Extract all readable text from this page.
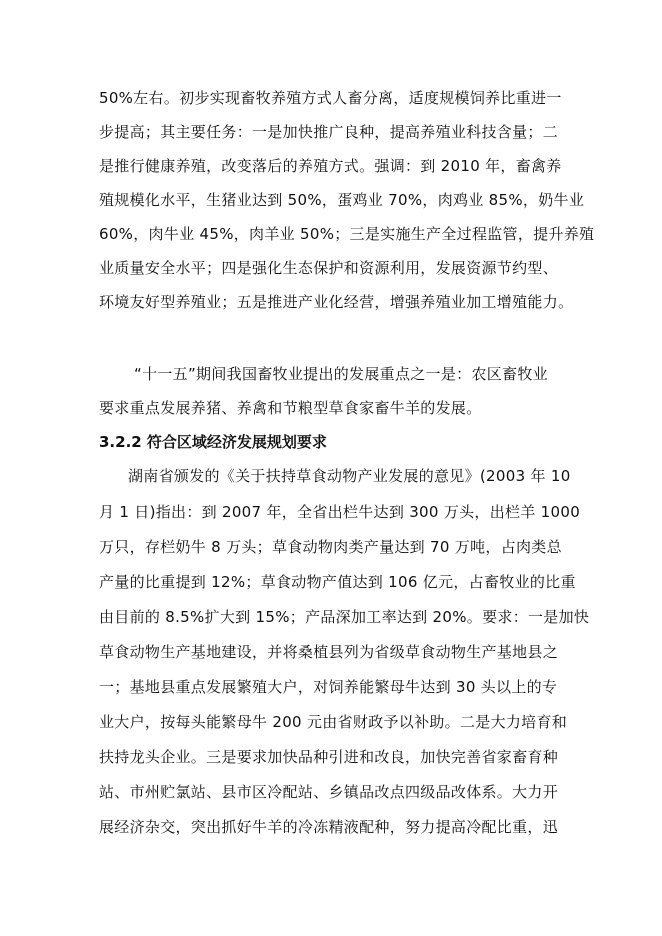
50%左右。初步实现畜牧养殖方式人畜分离，适度规模饲养比重进一
步提高；其主要任务：一是加快推广良种，提高养殖业科技含量；二
是推行健康养殖，改变落后的养殖方式。强调：到 2010 年，畜禽养
殖规模化水平，生猪业达到 50%，蛋鸡业 70%，肉鸡业 85%，奶牛业
60%，肉牛业 45%，肉羊业 50%；三是实施生产全过程监管，提升养殖
业质量安全水平；四是强化生态保护和资源利用，发展资源节约型、
环境友好型养殖业；五是推进产业化经营，增强养殖业加工增殖能力。
“十一五”期间我国畜牧业提出的发展重点之一是：农区畜牧业
要求重点发展养猪、养禽和节粮型草食家畜牛羊的发展。
3.2.2 符合区域经济发展规划要求
湖南省颁发的《关于扶持草食动物产业发展的意见》(2003 年 10
月 1 日)指出：到 2007 年，全省出栏牛达到 300 万头，出栏羊 1000
万只，存栏奶牛 8 万头；草食动物肉类产量达到 70 万吨，占肉类总
产量的比重提到 12%；草食动物产值达到 106 亿元，占畜牧业的比重
由目前的 8.5%扩大到 15%；产品深加工率达到 20%。要求：一是加快
草食动物生产基地建设，并将桑植县列为省级草食动物生产基地县之
一；基地县重点发展繁殖大户，对饲养能繁母牛达到 30 头以上的专
业大户，按每头能繁母牛 200 元由省财政予以补助。二是大力培育和
扶持龙头企业。三是要求加快品种引进和改良，加快完善省家畜育种
站、市州贮氯站、县市区冷配站、乡镇品改点四级品改体系。大力开
展经济杂交，突出抓好牛羊的冷冻精液配种，努力提高冷配比重，迅
